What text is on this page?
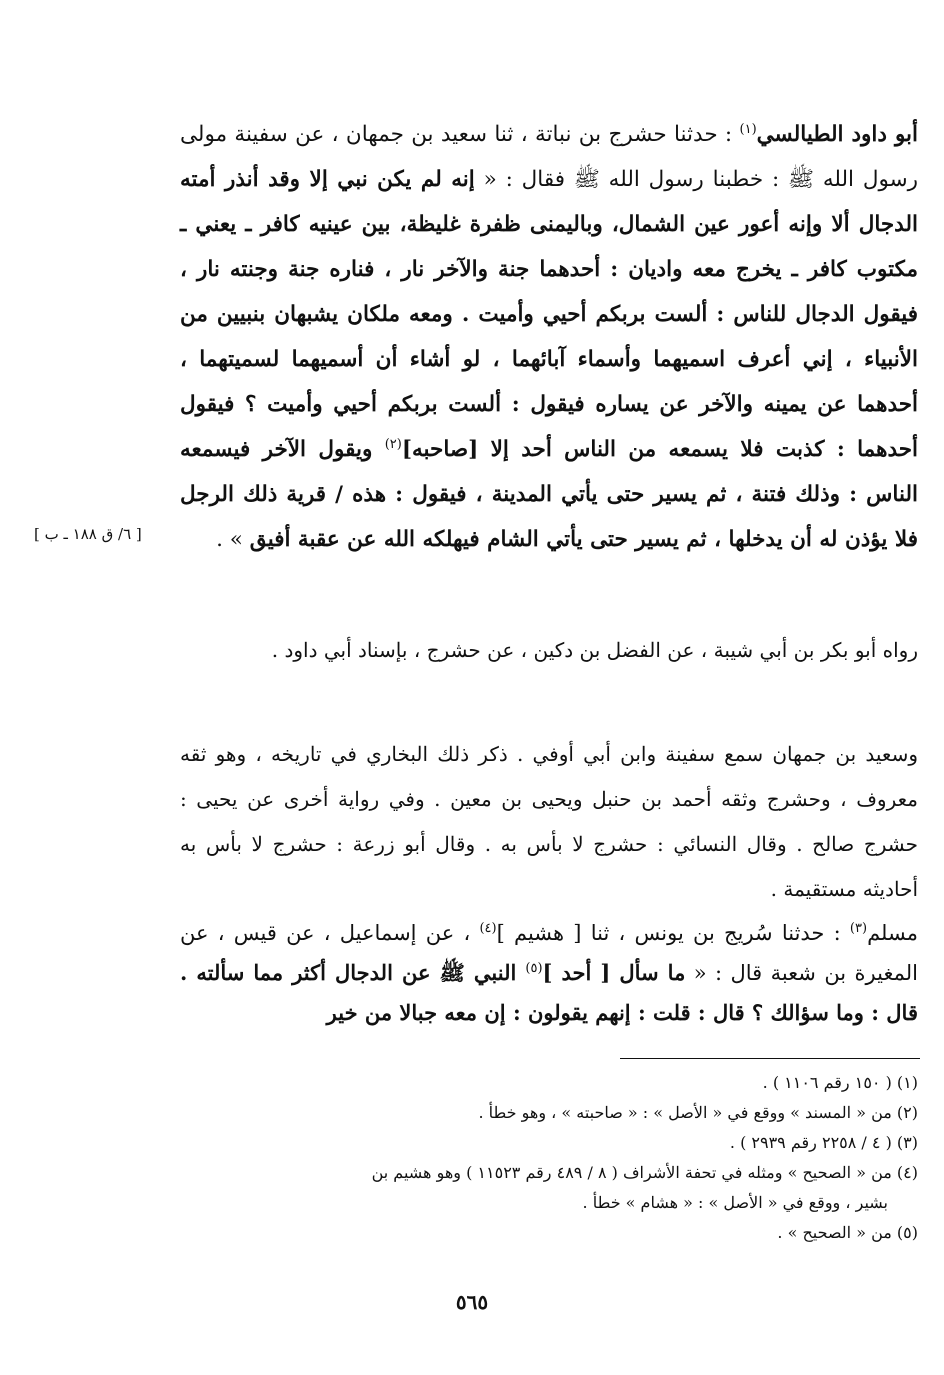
أبو داود الطيالسي$^{(١)}$ : حدثنا حشرج بن نباتة ، ثنا سعيد بن جمهان ، عن سفينة مولى رسول الله ﷺ : خطبنا رسول الله ﷺ فقال : « إنه لم يكن نبي إلا وقد أنذر أمته الدجال ألا وإنه أعور عين الشمال، وباليمنى ظفرة غليظة، بين عينيه كافر ـ يعني ـ مكتوب كافر ـ يخرج معه واديان : أحدهما جنة والآخر نار ، فناره جنة وجنته نار ، فيقول الدجال للناس : ألست بربكم أحيي وأميت . ومعه ملكان يشبهان بنبيين من الأنبياء ، إني أعرف اسميهما وأسماء آبائهما ، لو أشاء أن أسميهما لسميتهما ، أحدهما عن يمينه والآخر عن يساره فيقول : ألست بربكم أحيي وأميت ؟ فيقول أحدهما : كذبت فلا يسمعه من الناس أحد إلا [صاحبه]$^{(٢)}$ ويقول الآخر فيسمعه الناس : وذلك فتنة ، ثم يسير حتى يأتي المدينة ، فيقول : هذه / قرية ذلك الرجل فلا يؤذن له أن يدخلها ، ثم يسير حتى يأتي الشام فيهلكه الله عن عقبة أفيق » .

[ ٦/ ق ١٨٨ ـ ب ]

رواه أبو بكر بن أبي شيبة ، عن الفضل بن دكين ، عن حشرج ، بإسناد أبي داود .

وسعيد بن جمهان سمع سفينة وابن أبي أوفي . ذكر ذلك البخاري في تاريخه ، وهو ثقه معروف ، وحشرج وثقه أحمد بن حنبل ويحيى بن معين . وفي رواية أخرى عن يحيى : حشرج صالح . وقال النسائي : حشرج لا بأس به . وقال أبو زرعة : حشرج لا بأس به أحاديثه مستقيمة .

مسلم$^{(٣)}$ : حدثنا سُريج بن يونس ، ثنا [ هشيم ]$^{(٤)}$ ، عن إسماعيل ، عن قيس ، عن المغيرة بن شعبة قال : « ما سأل [ أحد ]$^{(٥)}$ النبي ﷺ عن الدجال أكثر مما سألته . قال : وما سؤالك ؟ قال : قلت : إنهم يقولون : إن معه جبالا من خير

(١) ( ١٥٠ رقم ١١٠٦ ) .

(٢) من « المسند » ووقع في « الأصل » : « صاحبته » ، وهو خطأ .

(٣) ( ٤ / ٢٢٥٨ رقم ٢٩٣٩ ) .

(٤) من « الصحيح » ومثله في تحفة الأشراف ( ٨ / ٤٨٩ رقم ١١٥٢٣ ) وهو هشيم بن

بشير ، ووقع في « الأصل » : « هشام » خطأ .

(٥) من « الصحيح » .

٥٦٥
